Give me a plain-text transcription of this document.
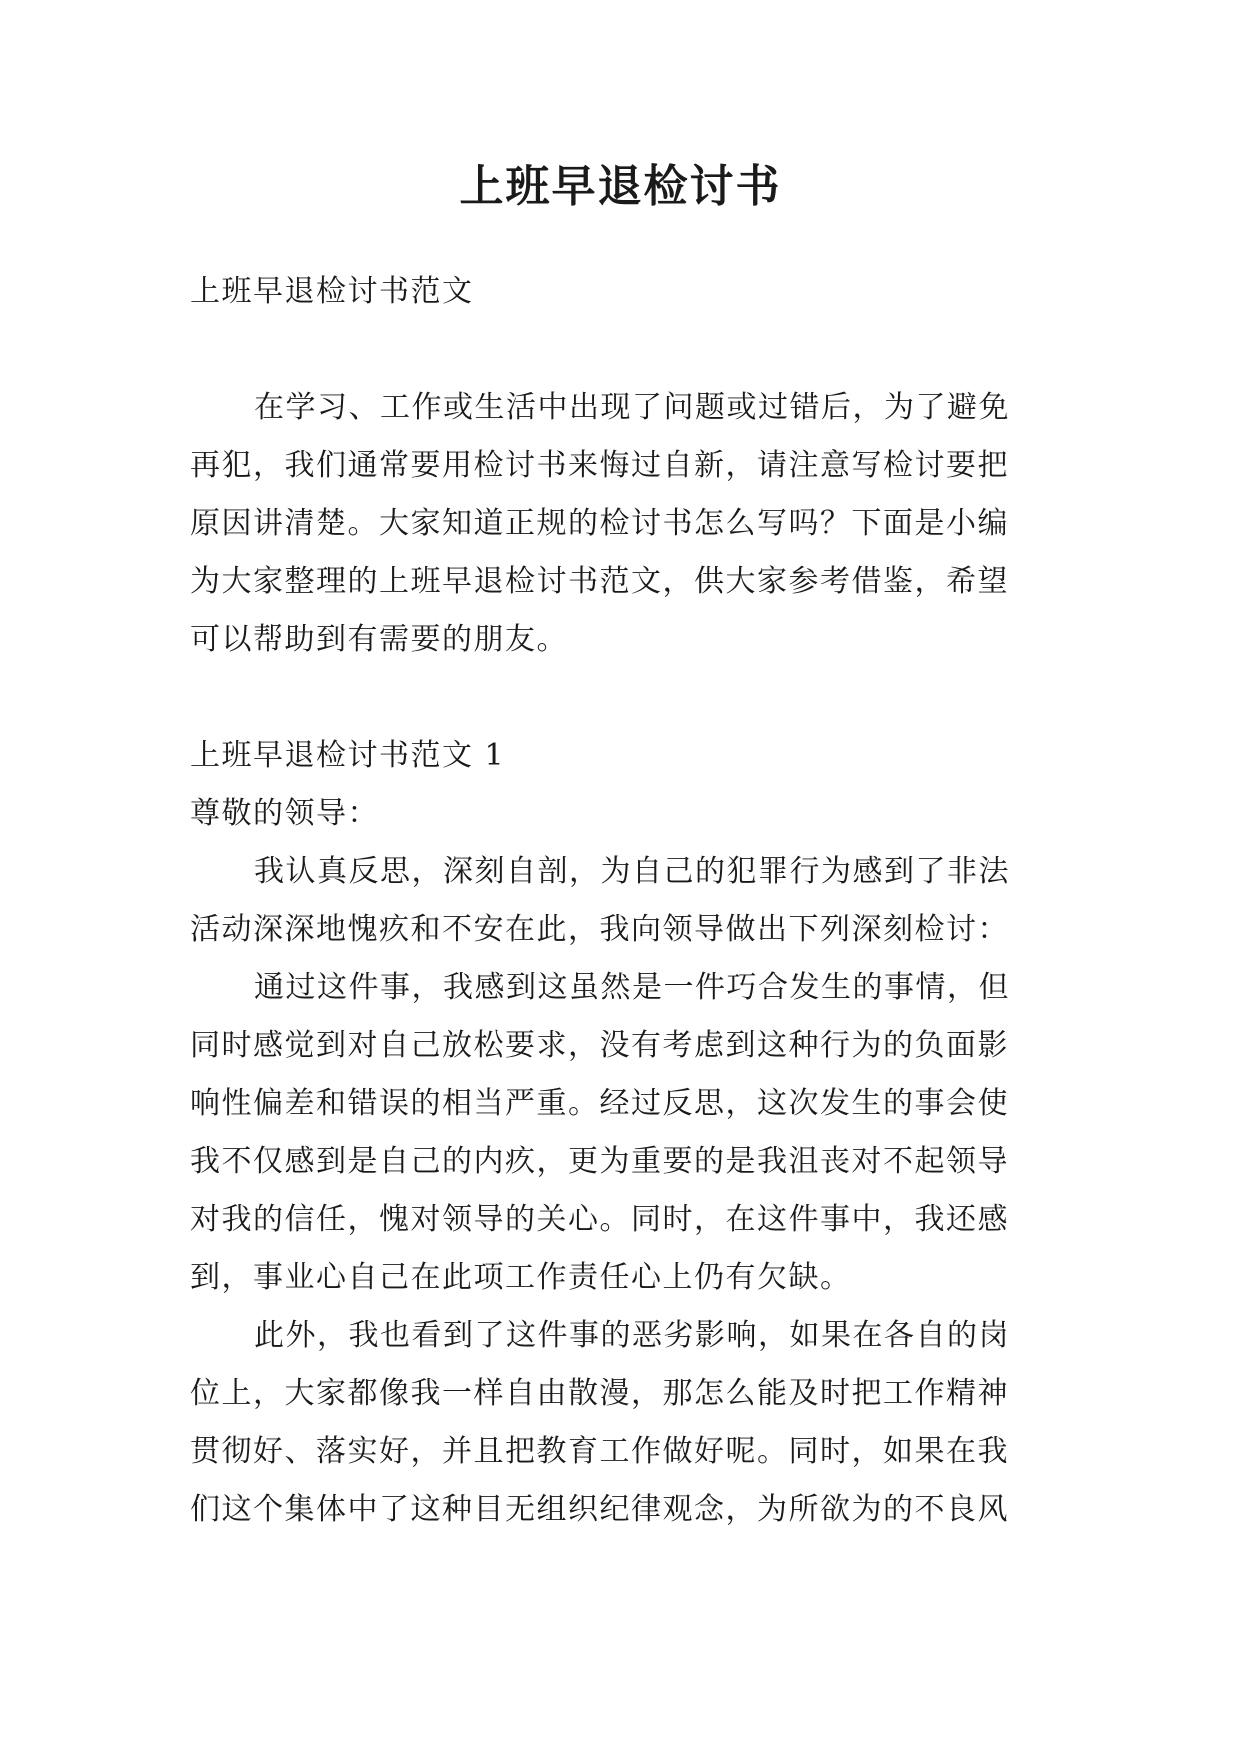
上班早退检讨书

上班早退检讨书范文

在学习、工作或生活中出现了问题或过错后，为了避免

再犯，我们通常要用检讨书来悔过自新，请注意写检讨要把

原因讲清楚。大家知道正规的检讨书怎么写吗？下面是小编

为大家整理的上班早退检讨书范文，供大家参考借鉴，希望

可以帮助到有需要的朋友。

上班早退检讨书范文 1

尊敬的领导：

我认真反思，深刻自剖，为自己的犯罪行为感到了非法

活动深深地愧疚和不安在此，我向领导做出下列深刻检讨：

通过这件事，我感到这虽然是一件巧合发生的事情，但

同时感觉到对自己放松要求，没有考虑到这种行为的负面影

响性偏差和错误的相当严重。经过反思，这次发生的事会使

我不仅感到是自己的内疚，更为重要的是我沮丧对不起领导

对我的信任，愧对领导的关心。同时，在这件事中，我还感

到，事业心自己在此项工作责任心上仍有欠缺。

此外，我也看到了这件事的恶劣影响，如果在各自的岗

位上，大家都像我一样自由散漫，那怎么能及时把工作精神

贯彻好、落实好，并且把教育工作做好呢。同时，如果在我

们这个集体中了这种目无组织纪律观念，为所欲为的不良风
